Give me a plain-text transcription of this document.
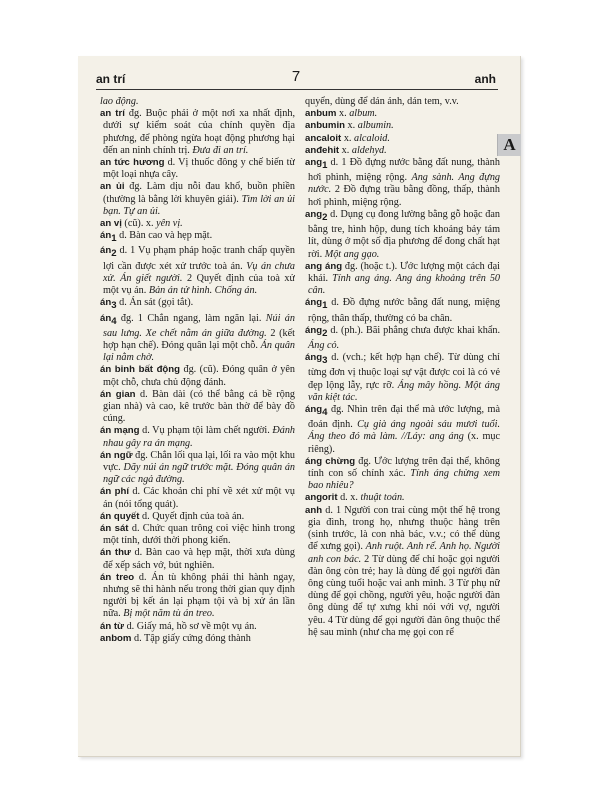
an trí	7	anh
A

lao động.

an trí đg. Buộc phải ở một nơi xa nhất định, dưới sự kiểm soát của chính quyền địa phương, để phòng ngừa hoạt động phương hại đến an ninh chính trị. Đưa đi an trí.

an tức hương d. Vị thuốc đông y chế biến từ một loại nhựa cây.

an ủi đg. Làm dịu nỗi đau khổ, buồn phiền (thường là bằng lời khuyên giải). Tìm lời an ủi bạn. Tự an ủi.

an vị (cũ). x. yên vị.

$án_1$ d. Bàn cao và hẹp mặt.

$án_2$ d. 1 Vụ phạm pháp hoặc tranh chấp quyền lợi cần được xét xử trước toà án. Vụ án chưa xử. Án giết người. 2 Quyết định của toà xử một vụ án. Bản án tử hình. Chống án.

$án_3$ d. Án sát (gọi tắt).

$án_4$ đg. 1 Chắn ngang, làm ngăn lại. Núi án sau lưng. Xe chết nằm án giữa đường. 2 (kết hợp hạn chế). Đóng quân lại một chỗ. Án quân lại nằm chờ.

án binh bất động đg. (cũ). Đóng quân ở yên một chỗ, chưa chủ động đánh.

án gian d. Bàn dài (có thể bằng cả bề rộng gian nhà) và cao, kê trước bàn thờ để bày đồ cúng.

án mạng d. Vụ phạm tội làm chết người. Đánh nhau gây ra án mạng.

án ngữ đg. Chắn lối qua lại, lối ra vào một khu vực. Dãy núi án ngữ trước mặt. Đóng quân án ngữ các ngả đường.

án phí d. Các khoản chi phí về xét xử một vụ án (nói tổng quát).

án quyết d. Quyết định của toà án.

án sát d. Chức quan trông coi việc hình trong một tỉnh, dưới thời phong kiến.

án thư d. Bàn cao và hẹp mặt, thời xưa dùng để xếp sách vở, bút nghiên.

án treo d. Án tù không phải thi hành ngay, nhưng sẽ thi hành nếu trong thời gian quy định người bị kết án lại phạm tội và bị xử án lần nữa. Bị một năm tù án treo.

án từ d. Giấy má, hồ sơ về một vụ án.

anbom d. Tập giấy cứng đóng thành

quyển, dùng để dán ảnh, dán tem, v.v.

anbum x. album.

anbumin x. albumin.

ancaloit x. alcaloid.

anđehit x. aldehyd.

ang$_1$ d. 1 Đồ đựng nước bằng đất nung, thành hơi phình, miệng rộng. Ang sành. Ang đựng nước. 2 Đồ đựng trầu bằng đồng, thấp, thành hơi phình, miệng rộng.

ang$_2$ d. Dụng cụ đong lường bằng gỗ hoặc đan bằng tre, hình hộp, dung tích khoảng bảy tám lít, dùng ở một số địa phương để đong chất hạt rời. Một ang gạo.

ang áng đg. (hoặc t.). Ước lượng một cách đại khái. Tính ang áng. Ang áng khoảng trên 50 cân.

áng$_1$ d. Đồ đựng nước bằng đất nung, miệng rộng, thân thấp, thường có ba chân.

áng$_2$ d. (ph.). Bãi phẳng chưa được khai khẩn. Áng cỏ.

áng$_3$ d. (vch.; kết hợp hạn chế). Từ dùng chỉ từng đơn vị thuộc loại sự vật được coi là có vẻ đẹp lộng lẫy, rực rỡ. Áng mây hồng. Một áng văn kiệt tác.

áng$_4$ đg. Nhìn trên đại thể mà ước lượng, mà đoán định. Cụ già áng ngoài sáu mươi tuổi. Áng theo đó mà làm. //Láy: ang áng (x. mục riêng).

áng chừng đg. Ước lượng trên đại thể, không tính con số chính xác. Tính áng chừng xem bao nhiêu?

angorit d. x. thuật toán.

anh d. 1 Người con trai cùng một thế hệ trong gia đình, trong họ, nhưng thuộc hàng trên (sinh trước, là con nhà bác, v.v.; có thể dùng để xưng gọi). Anh ruột. Anh rể. Anh họ. Người anh con bác. 2 Từ dùng để chỉ hoặc gọi người đàn ông còn trẻ; hay là dùng để gọi người đàn ông cùng tuổi hoặc vai anh mình. 3 Từ phụ nữ dùng để gọi chồng, người yêu, hoặc người đàn ông dùng để tự xưng khi nói với vợ, người yêu. 4 Từ dùng để gọi người đàn ông thuộc thế hệ sau mình (như cha mẹ gọi con rể
